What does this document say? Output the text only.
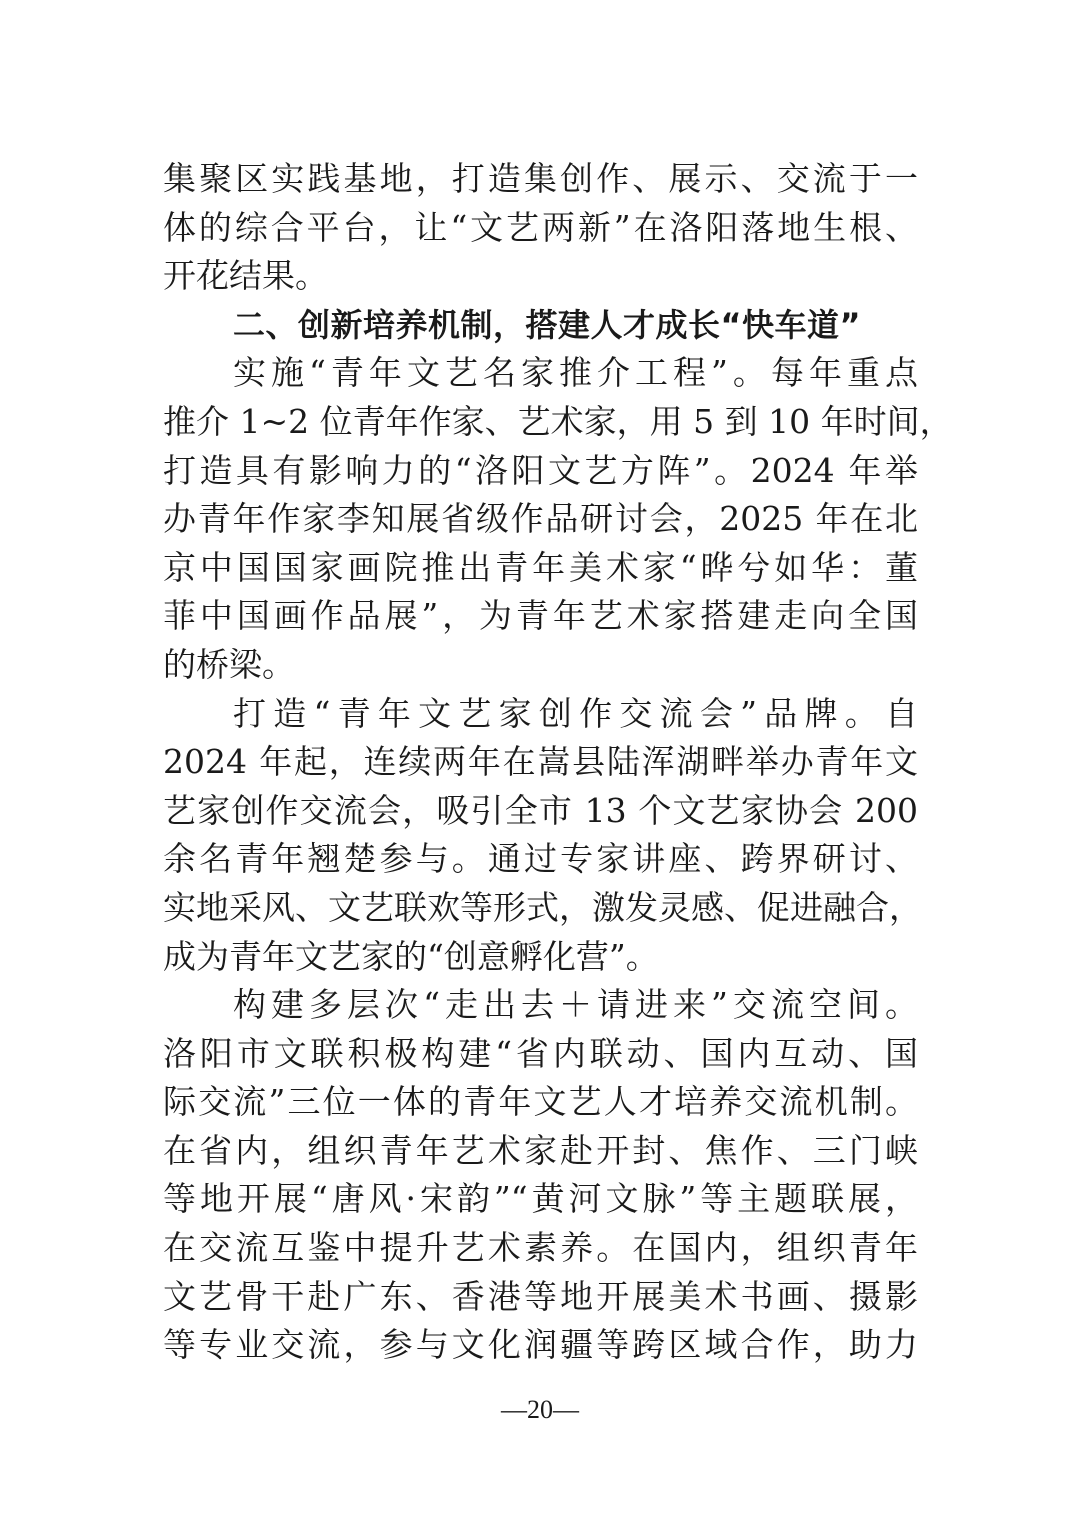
集聚区实践基地，打造集创作、展示、交流于一
体的综合平台，让“文艺两新”在洛阳落地生根、
开花结果。
二、创新培养机制，搭建人才成长“快车道”
实施“青年文艺名家推介工程”。每年重点
推介 1~2 位青年作家、艺术家，用 5 到 10 年时间，
打造具有影响力的“洛阳文艺方阵”。2024 年举
办青年作家李知展省级作品研讨会，2025 年在北
京中国国家画院推出青年美术家“晔兮如华：董
菲中国画作品展”，为青年艺术家搭建走向全国
的桥梁。
打造“青年文艺家创作交流会”品牌。自
2024 年起，连续两年在嵩县陆浑湖畔举办青年文
艺家创作交流会，吸引全市 13 个文艺家协会 200
余名青年翘楚参与。通过专家讲座、跨界研讨、
实地采风、文艺联欢等形式，激发灵感、促进融合，
成为青年文艺家的“创意孵化营”。
构建多层次“走出去＋请进来”交流空间。
洛阳市文联积极构建“省内联动、国内互动、国
际交流”三位一体的青年文艺人才培养交流机制。
在省内，组织青年艺术家赴开封、焦作、三门峡
等地开展“唐风·宋韵”“黄河文脉”等主题联展，
在交流互鉴中提升艺术素养。在国内，组织青年
文艺骨干赴广东、香港等地开展美术书画、摄影
等专业交流，参与文化润疆等跨区域合作，助力
—20—
